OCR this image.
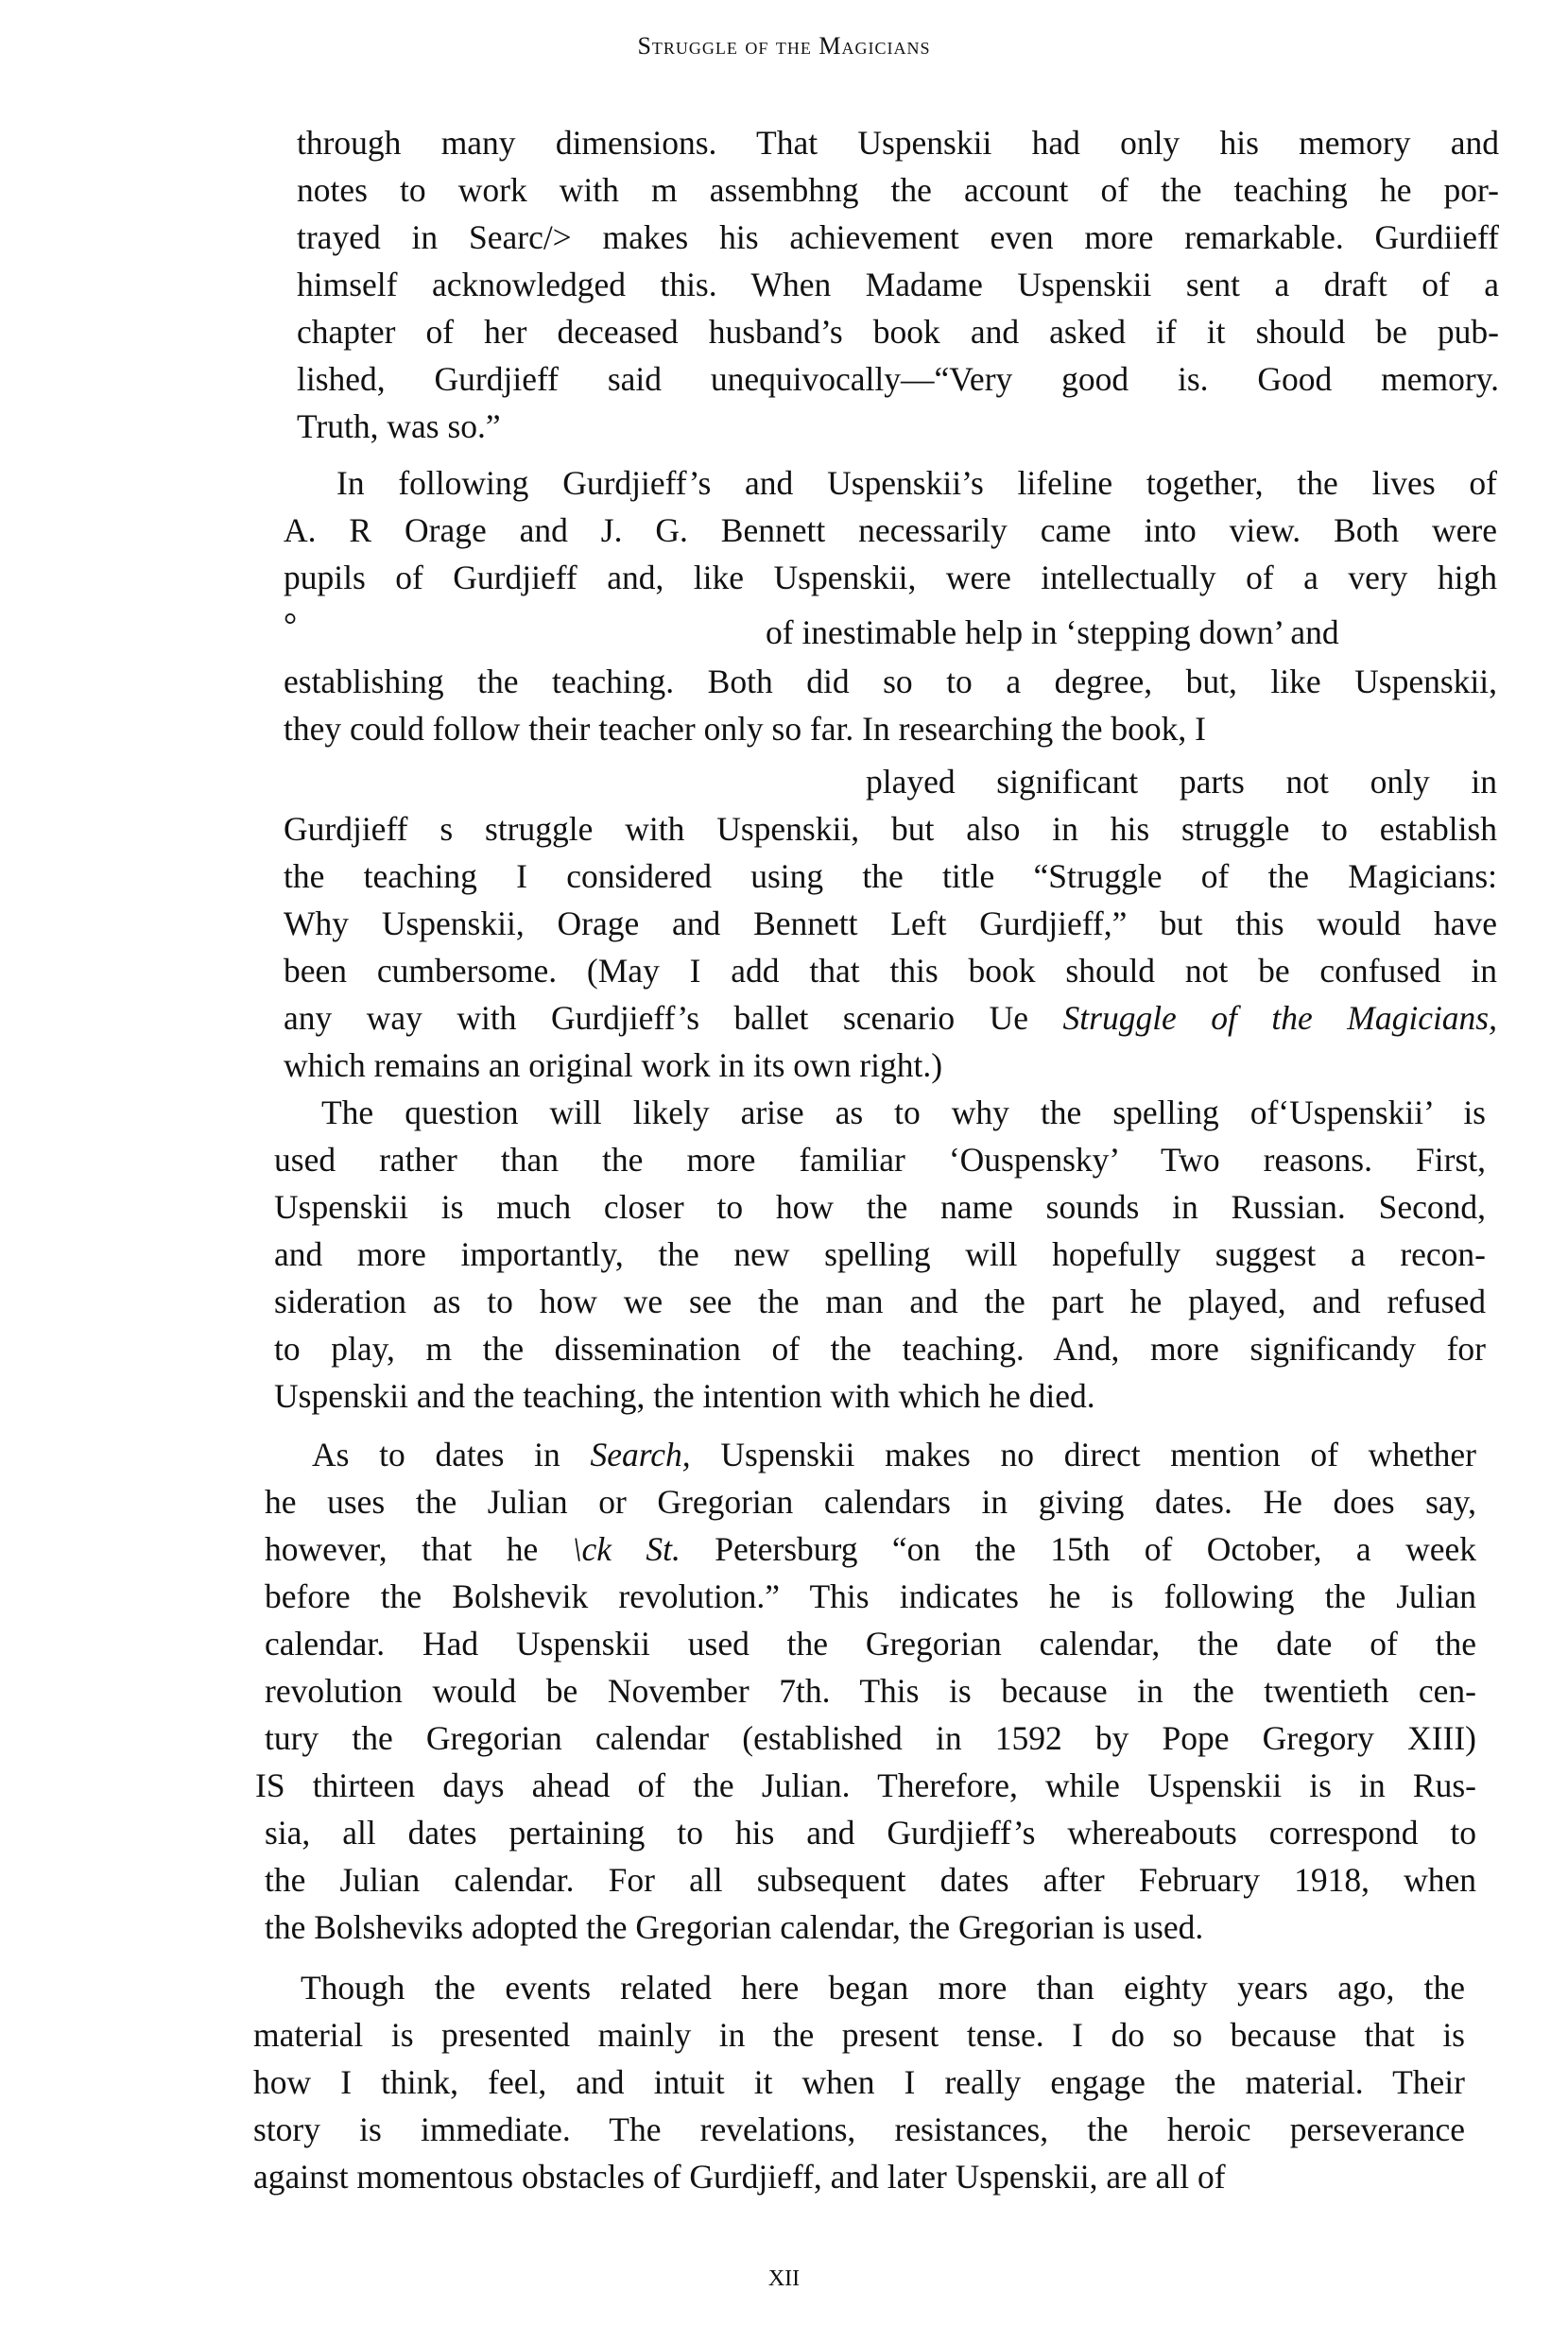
Struggle of the Magicians
through many dimensions. That Uspenskii had only his memory and
notes to work with m assembhng the account of the teaching he por-
trayed in Searc/> makes his achievement even more remarkable. Gurdiieff
himself acknowledged this. When Madame Uspenskii sent a draft of a
chapter of her deceased husband’s book and asked if it should be pub-
lished, Gurdjieff said unequivocally—“Very good is. Good memory.
Truth, was so.”
In following Gurdjieff’s and Uspenskii’s lifeline together, the lives of
A. R Orage and J. G. Bennett necessarily came into view. Both were
pupils of Gurdjieff and, like Uspenskii, were intellectually of a very high
°	of inestimable help in ‘stepping down’ and
establishing the teaching. Both did so to a degree, but, like Uspenskii,
they could follow their teacher only so far. In researching the book, I
played significant parts not only in
Gurdjieff s struggle with Uspenskii, but also in his struggle to establish
the teaching I considered using the title “Struggle of the Magicians:
Why Uspenskii, Orage and Bennett Left Gurdjieff,” but this would have
been cumbersome. (May I add that this book should not be confused in
any way with Gurdjieff’s ballet scenario Ue Struggle of the Magicians,
which remains an original work in its own right.)
The question will likely arise as to why the spelling of‘Uspenskii’ is
used rather than the more familiar ‘Ouspensky’ Two reasons. First,
Uspenskii is much closer to how the name sounds in Russian. Second,
and more importantly, the new spelling will hopefully suggest a recon-
sideration as to how we see the man and the part he played, and refused
to play, m the dissemination of the teaching. And, more significandy for
Uspenskii and the teaching, the intention with which he died.
As to dates in Search, Uspenskii makes no direct mention of whether
he uses the Julian or Gregorian calendars in giving dates. He does say,
however, that he \ck St. Petersburg “on the 15th of October, a week
before the Bolshevik revolution.” This indicates he is following the Julian
calendar. Had Uspenskii used the Gregorian calendar, the date of the
revolution would be November 7th. This is because in the twentieth cen-
tury the Gregorian calendar (established in 1592 by Pope Gregory XIII)
IS thirteen days ahead of the Julian. Therefore, while Uspenskii is in Rus-
sia, all dates pertaining to his and Gurdjieff’s whereabouts correspond to
the Julian calendar. For all subsequent dates after February 1918, when
the Bolsheviks adopted the Gregorian calendar, the Gregorian is used.
Though the events related here began more than eighty years ago, the
material is presented mainly in the present tense. I do so because that is
how I think, feel, and intuit it when I really engage the material. Their
story is immediate. The revelations, resistances, the heroic perseverance
against momentous obstacles of Gurdjieff, and later Uspenskii, are all of
XII
